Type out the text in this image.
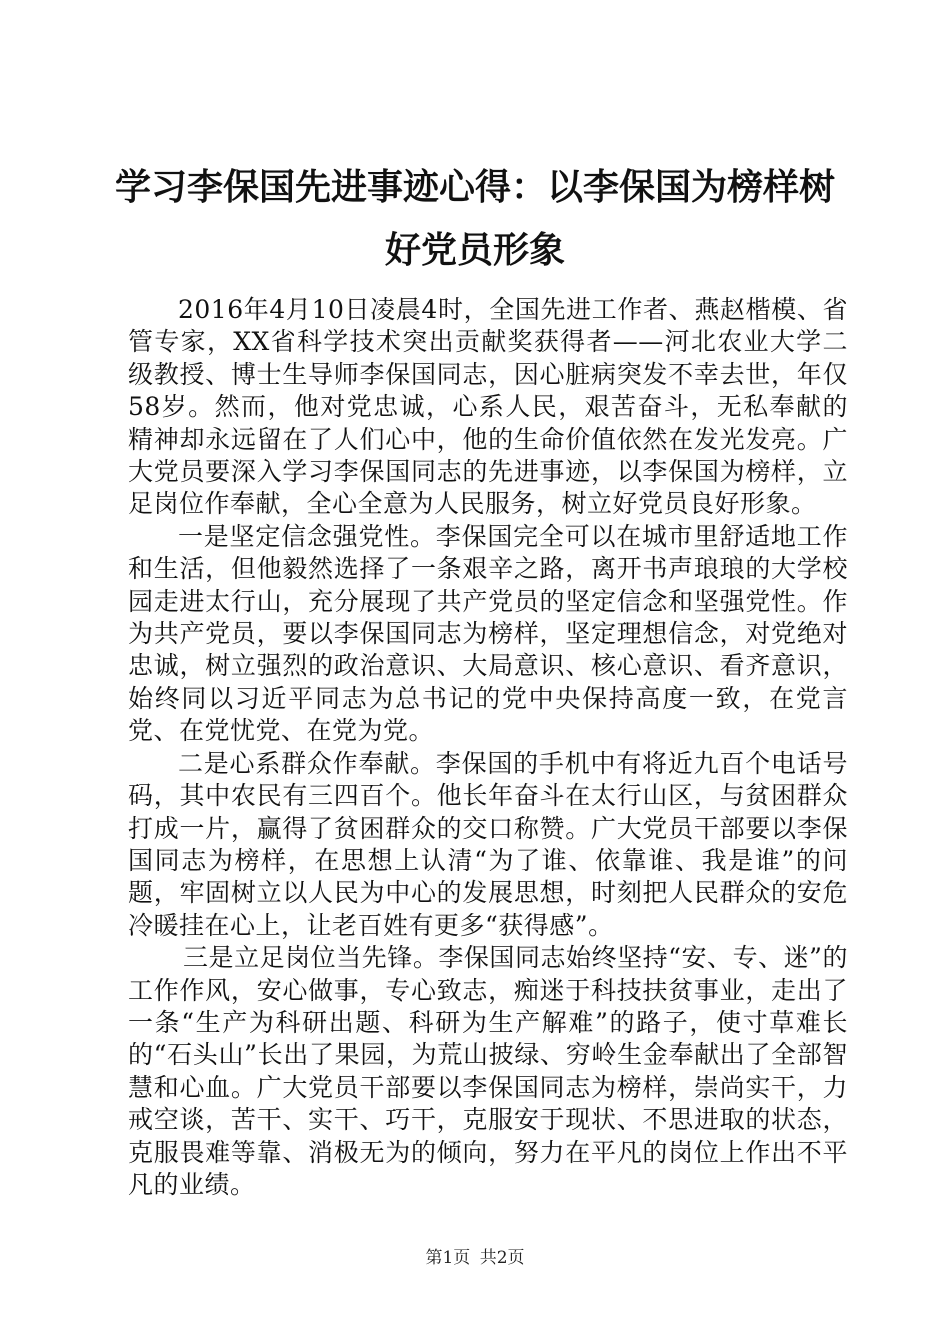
学习李保国先进事迹心得：以李保国为榜样树好党员形象

2016年4月10日凌晨4时，全国先进工作者、燕赵楷模、省管专家，XX省科学技术突出贡献奖获得者——河北农业大学二级教授、博士生导师李保国同志，因心脏病突发不幸去世，年仅58岁。然而，他对党忠诚，心系人民，艰苦奋斗，无私奉献的精神却永远留在了人们心中，他的生命价值依然在发光发亮。广大党员要深入学习李保国同志的先进事迹，以李保国为榜样，立足岗位作奉献，全心全意为人民服务，树立好党员良好形象。

一是坚定信念强党性。李保国完全可以在城市里舒适地工作和生活，但他毅然选择了一条艰辛之路，离开书声琅琅的大学校园走进太行山，充分展现了共产党员的坚定信念和坚强党性。作为共产党员，要以李保国同志为榜样，坚定理想信念，对党绝对忠诚，树立强烈的政治意识、大局意识、核心意识、看齐意识，始终同以习近平同志为总书记的党中央保持高度一致，在党言党、在党忧党、在党为党。

二是心系群众作奉献。李保国的手机中有将近九百个电话号码，其中农民有三四百个。他长年奋斗在太行山区，与贫困群众打成一片，赢得了贫困群众的交口称赞。广大党员干部要以李保国同志为榜样，在思想上认清“为了谁、依靠谁、我是谁”的问题，牢固树立以人民为中心的发展思想，时刻把人民群众的安危冷暖挂在心上，让老百姓有更多“获得感”。

三是立足岗位当先锋。李保国同志始终坚持“安、专、迷”的工作作风，安心做事，专心致志，痴迷于科技扶贫事业，走出了一条“生产为科研出题、科研为生产解难”的路子，使寸草难长的“石头山”长出了果园，为荒山披绿、穷岭生金奉献出了全部智慧和心血。广大党员干部要以李保国同志为榜样，崇尚实干，力戒空谈，苦干、实干、巧干，克服安于现状、不思进取的状态，克服畏难等靠、消极无为的倾向，努力在平凡的岗位上作出不平凡的业绩。

第1页 共2页
